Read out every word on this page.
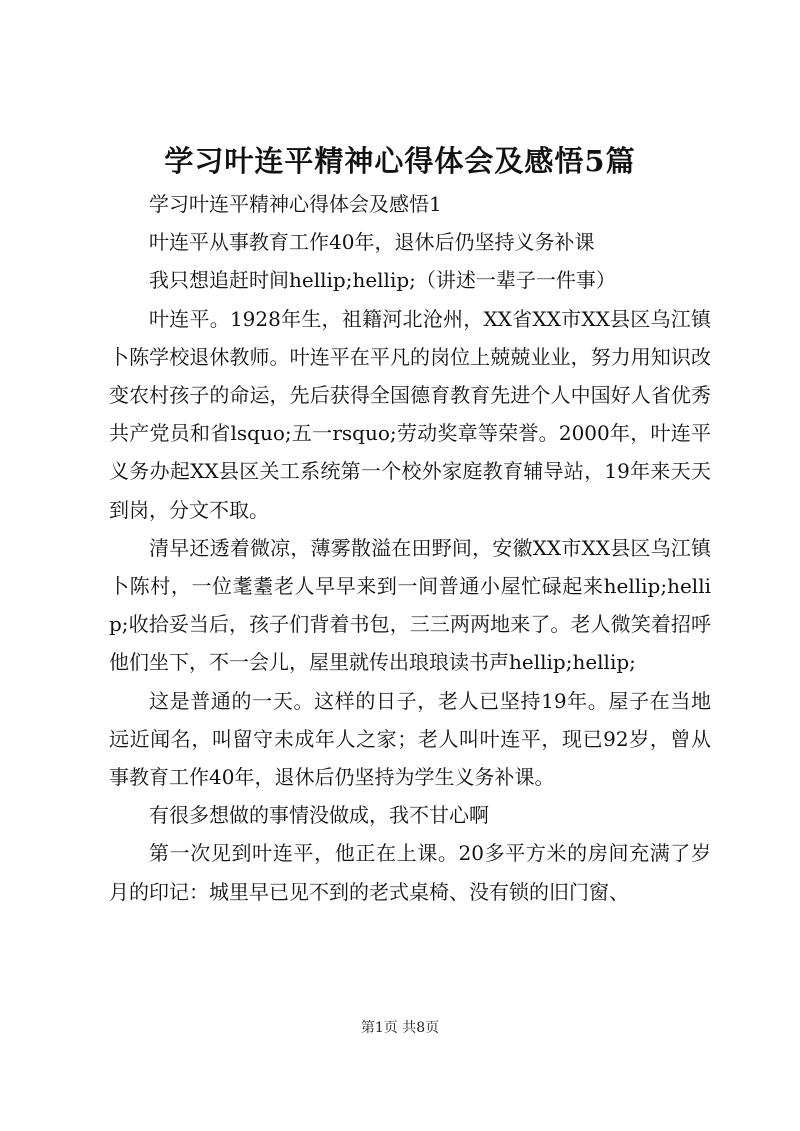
学习叶连平精神心得体会及感悟5篇

学习叶连平精神心得体会及感悟1

叶连平从事教育工作40年，退休后仍坚持义务补课

我只想追赶时间hellip;hellip;（讲述一辈子一件事）

叶连平。1928年生，祖籍河北沧州，XX省XX市XX县区乌江镇卜陈学校退休教师。叶连平在平凡的岗位上兢兢业业，努力用知识改变农村孩子的命运，先后获得全国德育教育先进个人中国好人省优秀共产党员和省lsquo;五一rsquo;劳动奖章等荣誉。2000年，叶连平义务办起XX县区关工系统第一个校外家庭教育辅导站，19年来天天到岗，分文不取。

清早还透着微凉，薄雾散溢在田野间，安徽XX市XX县区乌江镇卜陈村，一位耄耋老人早早来到一间普通小屋忙碌起来hellip;hellip;收拾妥当后，孩子们背着书包，三三两两地来了。老人微笑着招呼他们坐下，不一会儿，屋里就传出琅琅读书声hellip;hellip;

这是普通的一天。这样的日子，老人已坚持19年。屋子在当地远近闻名，叫留守未成年人之家；老人叫叶连平，现已92岁，曾从事教育工作40年，退休后仍坚持为学生义务补课。

有很多想做的事情没做成，我不甘心啊

第一次见到叶连平，他正在上课。20多平方米的房间充满了岁月的印记：城里早已见不到的老式桌椅、没有锁的旧门窗、

第1页 共8页
